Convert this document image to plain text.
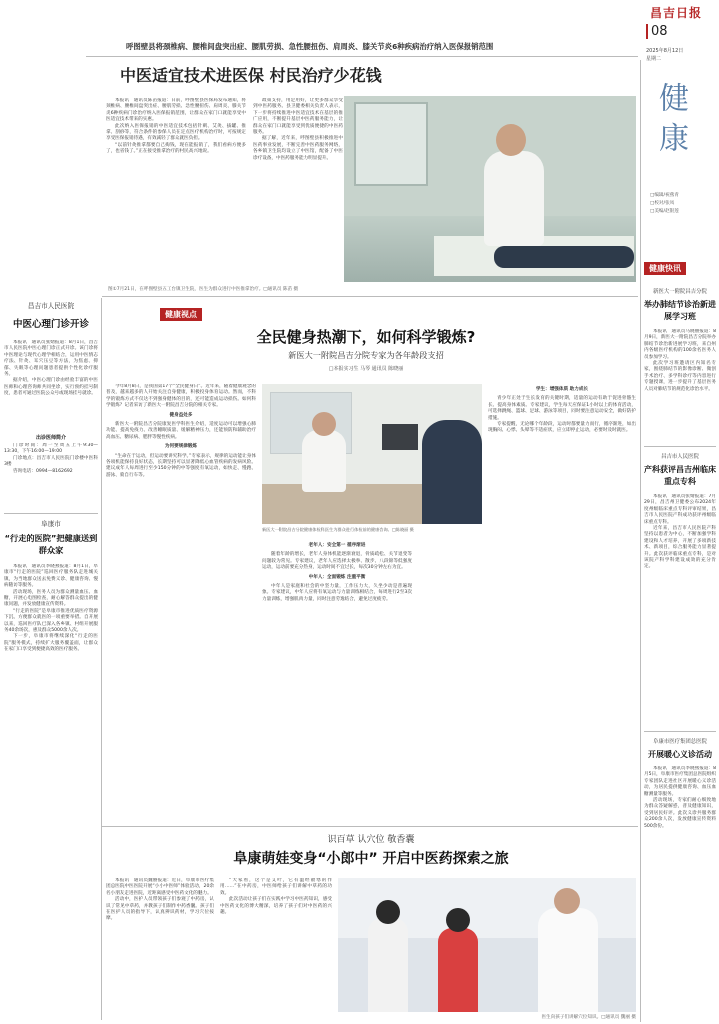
昌吉日报
08
2025年8月12日
星期二
呼图壁县将颈椎病、腰椎间盘突出症、腰肌劳损、急性腰扭伤、肩周炎、膝关节炎6种疾病治疗纳入医保报销范围
健康
□编辑/祝燕青
□校对/张凤
□美编/赵银莲
中医适宜技术进医保 村民治疗少花钱

本报讯　通讯员陈苗报道：日前，呼图壁县医保局发布通知，将颈椎病、腰椎间盘突出症、腰肌劳损、急性腰扭伤、肩周炎、膝关节炎6种疾病门诊治疗纳入医保报销范围，让群众在家门口就能享受中医适宜技术带来的实惠。

此次纳入医保报销的中医适宜技术包括针刺、艾灸、拔罐、推拿、刮痧等，符合条件的参保人员在定点医疗机构治疗时，可按规定享受医保报销待遇，有效减轻了群众就医负担。

“以前针灸推拿都要自己掏钱，现在能报销了，我们看病方便多了，也省钱了。”正在接受推拿治疗的村民高兴地说。

政策支持，用足用好，让更多群众享受到中医药服务。县卫健委相关负责人表示，下一步将持续推进中医适宜技术在基层的推广应用，不断提升基层中医药服务能力，让群众在家门口就能享受到优质便捷的中医药服务。

据了解，近年来，呼图壁县积极推进中医药事业发展，不断完善中医药服务网络，各乡镇卫生院均设立了中医馆，配备了中医诊疗设备，中医药服务能力明显提升。

图①7月21日，在呼图壁县五工台镇卫生院，医生为群众进行中医推拿治疗。□通讯员 陈苗 摄
昌吉市人民医院
中医心理门诊开诊

本报讯　通讯员张婧报道：8月1日，昌吉市人民医院中医心理门诊正式开诊。该门诊将中医理论与现代心理学相结合，运用中医情志疗法、针灸、耳穴压豆等方法，为焦虑、抑郁、失眠等心理问题患者提供个性化诊疗服务。

据介绍，中医心理门诊由经验丰富的中医医师和心理咨询师共同坐诊，实行预约挂号制度，患者可通过医院公众号或现场挂号就诊。

出诊医师简介

门诊时间：周一至周五上午9:30—13:30，下午16:00—19:00

门诊地点：昌吉市人民医院门诊楼中医科3楼

咨询电话：0994—8162692

阜康市
“行走的医院”把健康送到群众家

本报讯　通讯员李晓燕报道：8月1日，阜康市“行走的医院”巡回医疗服务队走进城关镇，为当地群众送去免费义诊、健康咨询、慢病随访等服务。

活动现场，医务人员为群众测量血压、血糖，开展心电图检查，耐心解答群众提出的健康问题，并发放健康宣传资料。

“行走的医院”是阜康市推进优质医疗资源下沉、方便群众就医的一项重要举措。自开展以来，巡回医疗队已深入各乡镇、村组开展服务40余场次，惠及群众5000余人次。

下一步，阜康市将继续深化“行走的医院”服务模式，持续扩大服务覆盖面，让群众在家门口享受到便捷高效的医疗服务。

健康视点
全民健身热潮下，如何科学锻炼?
新医大一附院昌吉分院专家为各年龄段支招
□本报实习生 马琴 通讯员 陈晓丽
新医大一附院昌吉分院健康体检科医生为群众进行体检前的健康咨询。□陈晓丽 摄

今年8月8日，是我国第17个“全民健身日”。近年来，随着健康观念的普及，越来越多的人开始关注自身健康，积极投身体育运动。然而，不科学的锻炼方式不仅达不到强身健体的目的，还可能造成运动损伤。如何科学锻炼？记者采访了新医大一附院昌吉分院的相关专家。

健身益处多

新医大一附院昌吉分院康复医学科医生介绍，适度运动可以增强心肺功能、提高免疫力、改善睡眠质量、缓解精神压力，还能预防和辅助治疗高血压、糖尿病、肥胖等慢性疾病。

为何要规律锻炼

“生命在于运动，但运动要讲究科学。”专家表示，规律的运动能让身体各项机能保持良好状态，长期坚持可以显著降低心血管疾病的发病风险。建议成年人每周进行至少150分钟的中等强度有氧运动，如快走、慢跑、游泳、骑自行车等。

老年人：安全第一 循序渐进

随着年龄的增长，老年人身体机能逐渐衰退，骨质疏松、关节退变等问题较为常见。专家建议，老年人应选择太极拳、散步、八段锦等低强度运动，运动前要充分热身，运动时间不宜过长，每次30分钟左右为宜。

中年人：全面锻炼 注重平衡

中年人是家庭和社会的中坚力量，工作压力大，久坐少动是普遍现象。专家建议，中年人应将有氧运动与力量训练相结合，每周进行2至3次力量训练，增强肌肉力量，同时注意劳逸结合，避免过度疲劳。

学生：增强体质 助力成长

青少年正处于生长发育的关键时期，适量的运动有助于促进骨骼生长、提高身体素质。专家建议，学生每天应保证1小时以上的体育活动，可选择跳绳、篮球、足球、游泳等项目，同时要注意运动安全，做好防护措施。

专家提醒，无论哪个年龄段，运动时都要量力而行，循序渐进，如出现胸闷、心悸、头晕等不适症状，应立即停止运动，必要时及时就医。

健康快讯
新医大一附院昌吉分院
举办肺结节诊治新进展学习班

本报讯　通讯员马晓丽报道：8月9日，新医大一附院昌吉分院举办肺结节诊治新进展学习班，来自州内各级医疗机构的100余名医务人员参加学习。

此次学习班邀请区内知名专家，围绕肺结节的影像诊断、微创手术治疗、多学科诊疗等内容进行专题授课，进一步提升了基层医务人员对肺结节的规范化诊治水平。

昌吉市人民医院
产科获评昌吉州临床重点专科

本报讯　通讯员张婧报道：7月29日，昌吉州卫健委公布2024年度州级临床重点专科评审结果，昌吉市人民医院产科成功获评州级临床重点专科。

近年来，昌吉市人民医院产科坚持以患者为中心，不断加强学科建设和人才培养，开展了多项新技术、新项目，综合服务能力显著提升。此次获评临床重点专科，是对该院产科学科建设成效的充分肯定。

阜康市医疗集团总医院
开展暖心义诊活动

本报讯　通讯员李晓燕报道：8月5日，阜康市医疗集团总医院组织专家团队走进社区开展暖心义诊活动，为居民提供健康咨询、血压血糖测量等服务。

活动现场，专家们耐心细致地为群众答疑解惑，普及健康知识，受到居民好评。此次义诊共服务群众200余人次，发放健康宣传资料500余份。

识百草 认穴位 敬香囊
阜康萌娃变身“小郎中” 开启中医药探索之旅

本报讯　通讯员魏丽报道：近日，阜康市医疗集团总医院中医医院开展“小小中医师”体验活动，20余名小朋友走进医院，近距离感受中医药文化的魅力。

活动中，医护人员带领孩子们参观了中药房，认识了常见中草药，并教孩子们制作中药香囊。孩子们在医护人员的指导下，认真辨识药材，学习穴位按摩。

“大家看，这个是艾叶，它有温经散寒的作用……”在中药房，中医师给孩子们讲解中草药的功效。

此次活动让孩子们在实践中学习中医药知识，感受中医药文化的博大精深，培养了孩子们对中医药的兴趣。

医生向孩子们讲解穴位知识。□通讯员 魏丽 摄
